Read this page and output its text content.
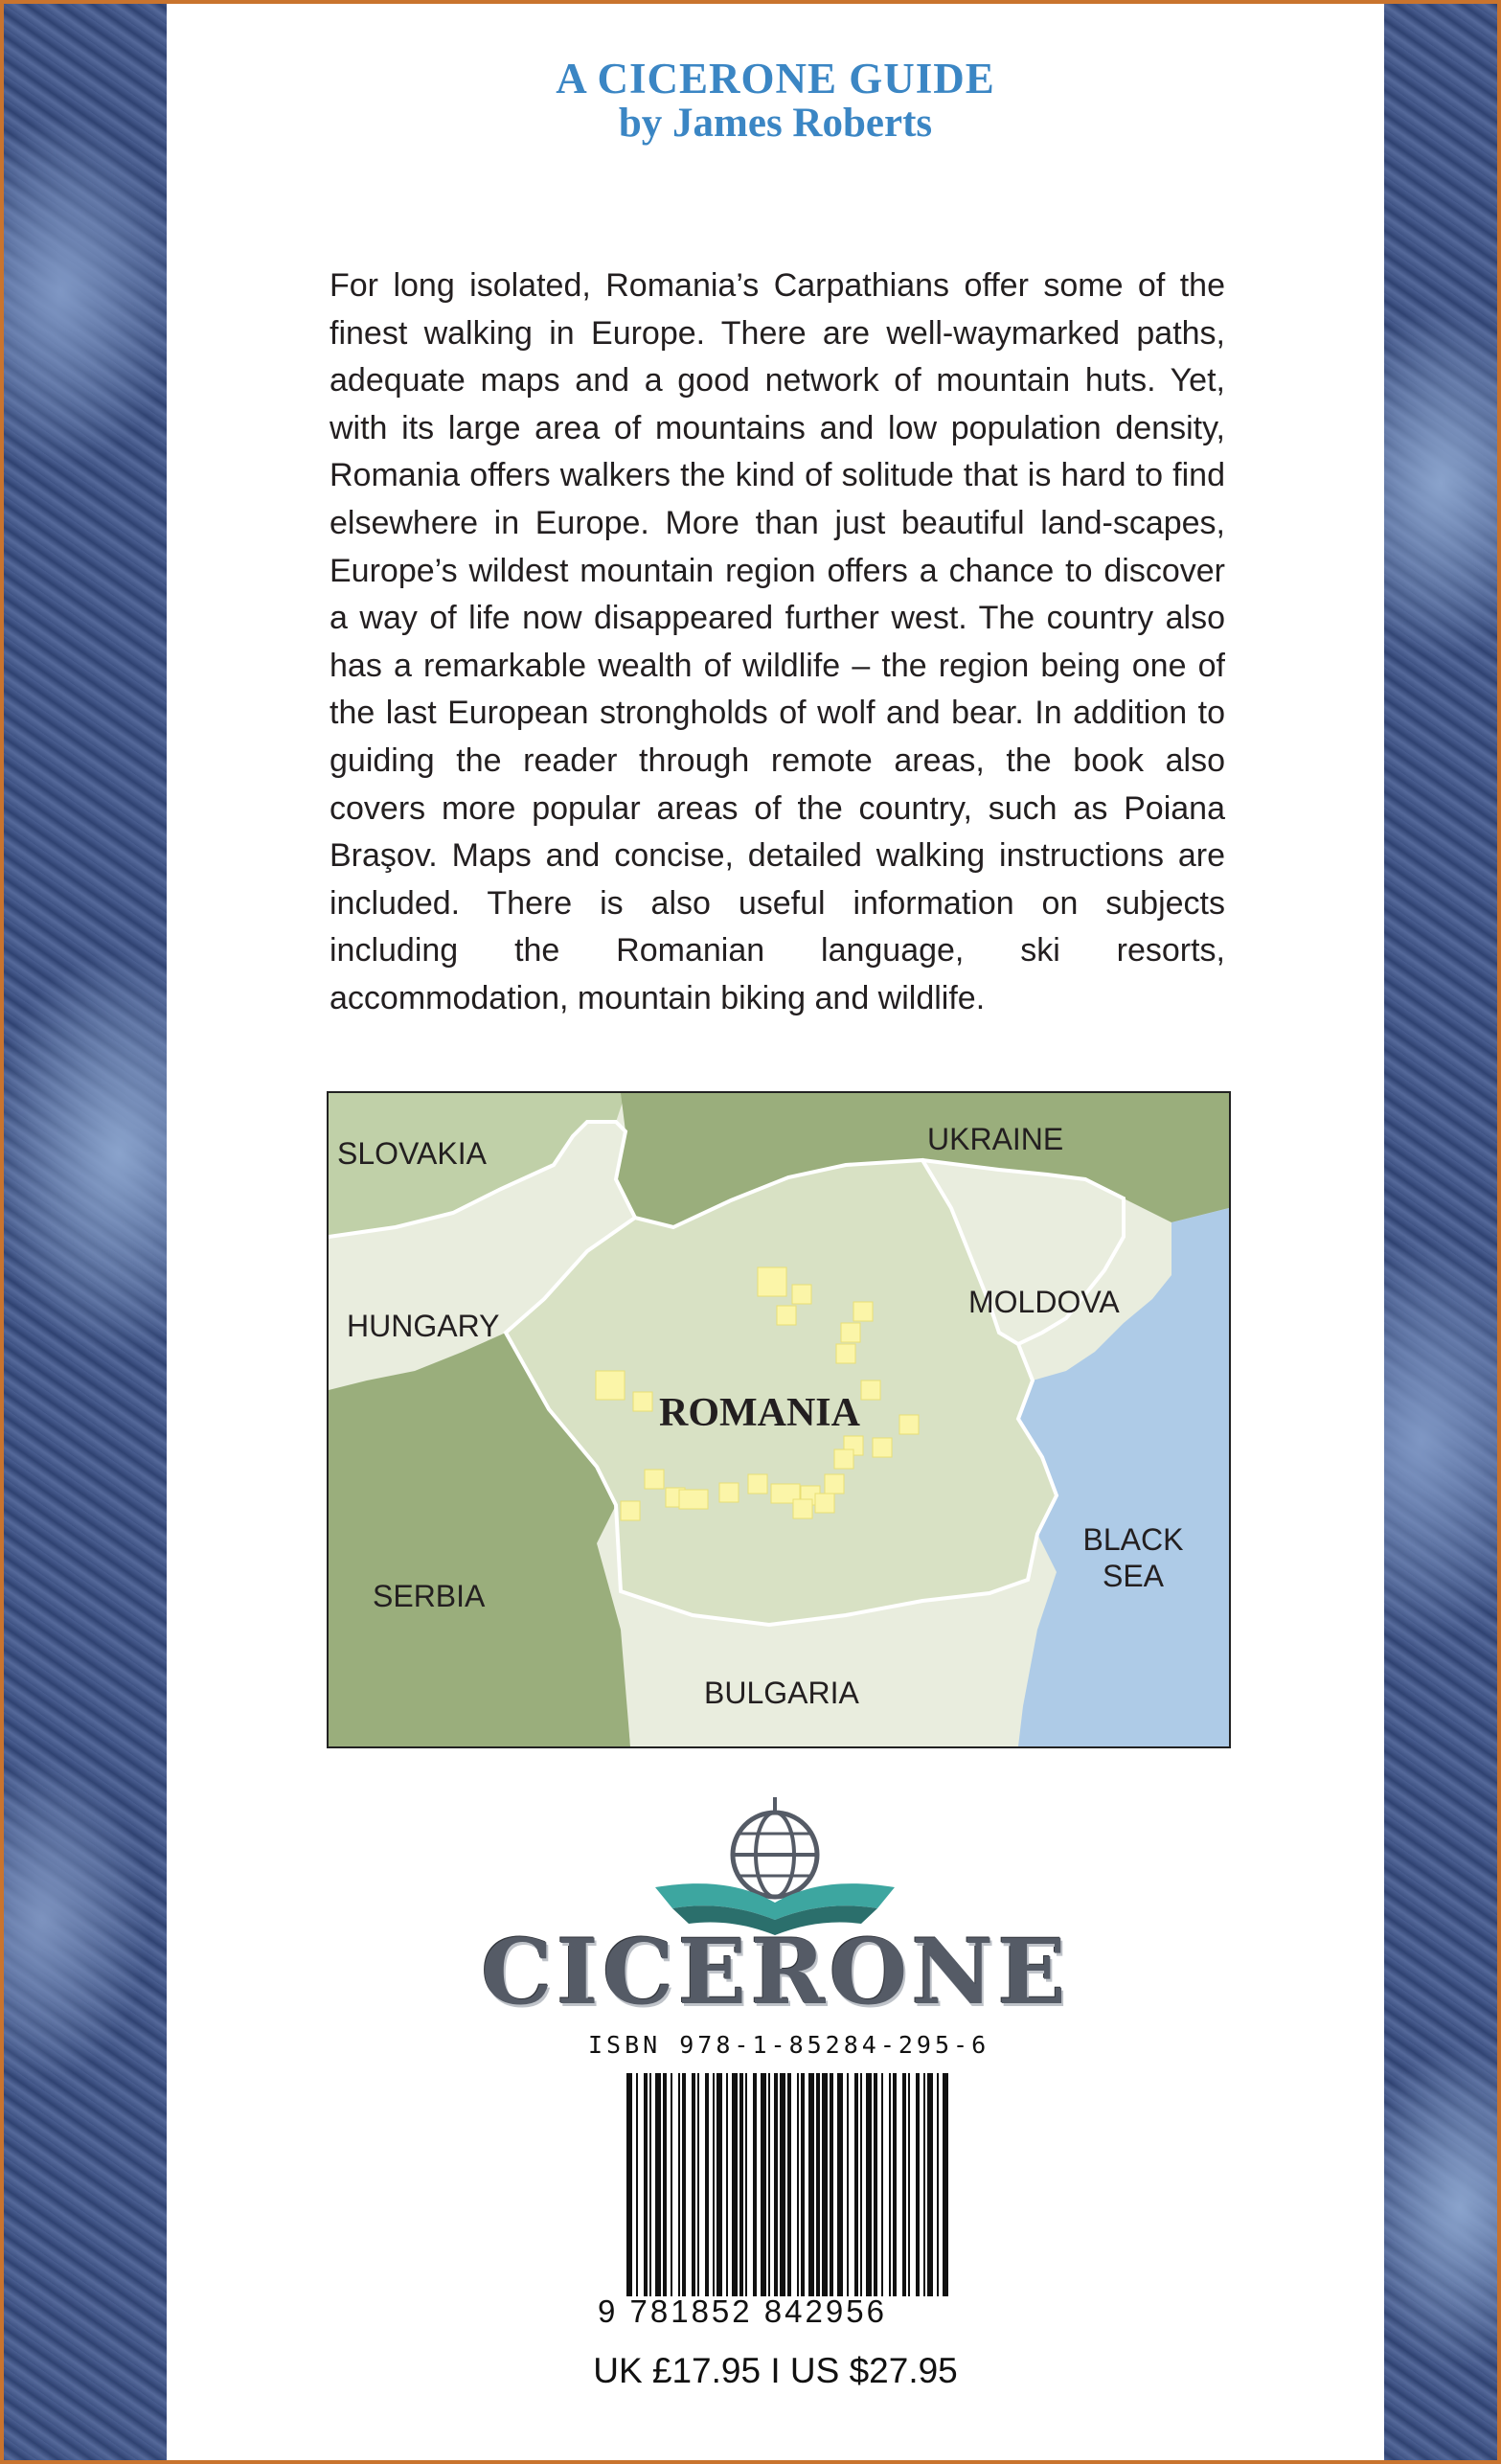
A CICERONE GUIDE
by James Roberts

For long isolated, Romania’s Carpathians offer some of the finest walking in Europe. There are well-waymarked paths, adequate maps and a good network of mountain huts. Yet, with its large area of mountains and low population density, Romania offers walkers the kind of solitude that is hard to find elsewhere in Europe. More than just beautiful land-scapes, Europe’s wildest mountain region offers a chance to discover a way of life now disappeared further west. The country also has a remarkable wealth of wildlife – the region being one of the last European strongholds of wolf and bear. In addition to guiding the reader through remote areas, the book also covers more popular areas of the country, such as Poiana Braşov. Maps and concise, detailed walking instructions are included. There is also useful information on subjects including the Romanian language, ski resorts, accommodation, mountain biking and wildlife.

SLOVAKIA	UKRAINE
HUNGARY
MOLDOVA
ROMANIA
BLACK
SEA
SERBIA
BULGARIA
CICERONE
ISBN 978-1-85284-295-6
9 781852 842956
UK £17.95 I US $27.95
